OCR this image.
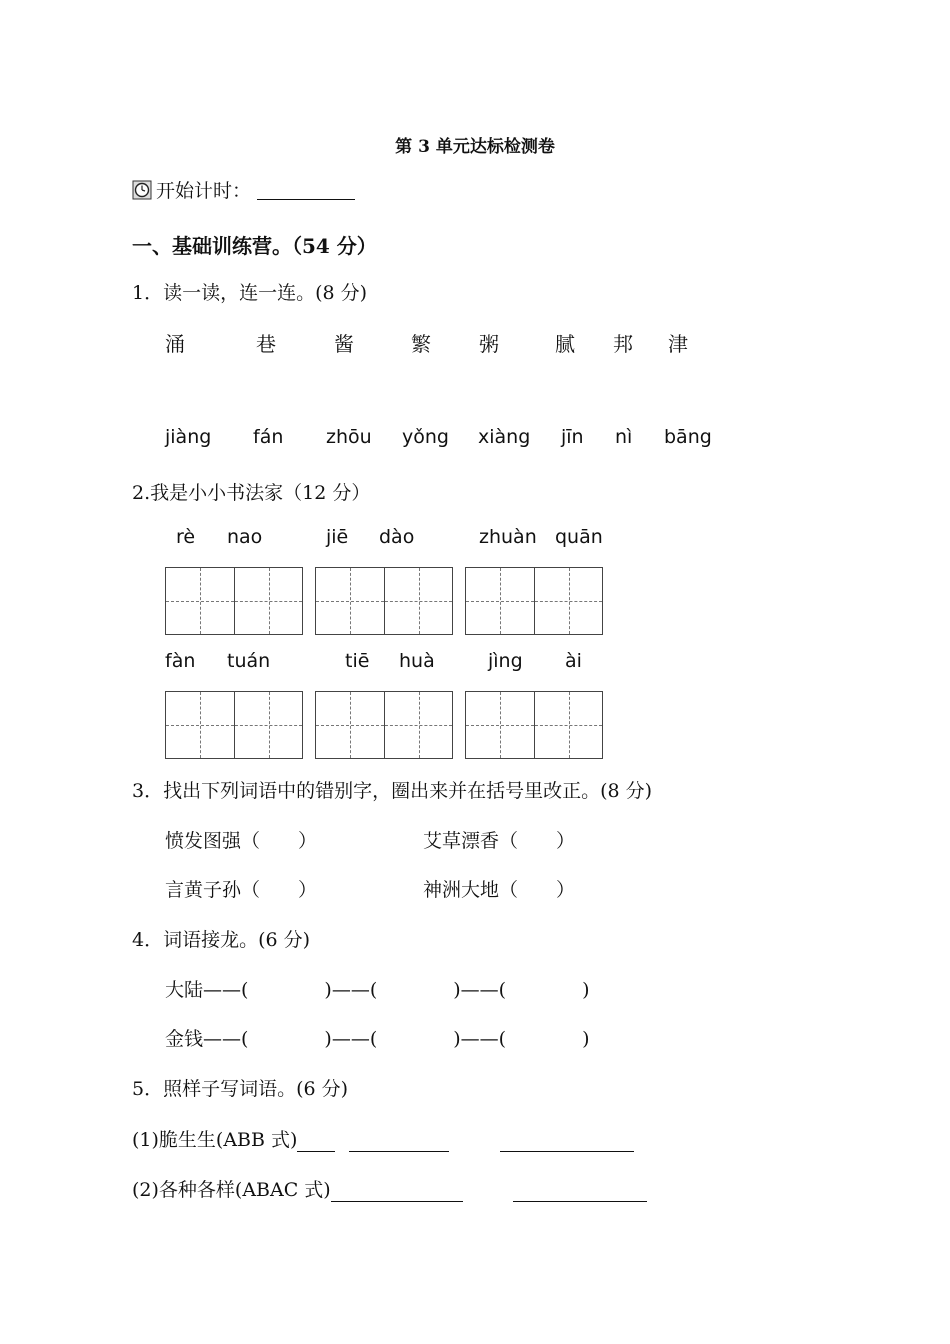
第 3 单元达标检测卷
开始计时：
一、基础训练营。（54 分）
1．读一读，连一连。(8 分)
涌	巷	酱	繁 粥	腻 邦 津
jiàng fán zhōu yǒng xiàng jīn nì bāng
2.我是小小书法家（12 分）
rè nao	jiē dào	zhuàn quān
fàn tuán	tiē huà	jìng ài
3．找出下列词语中的错别字，圈出来并在括号里改正。(8 分)
愤发图强（　　）	艾草漂香（　　）
言黄子孙（　　）	神洲大地（　　）
4．词语接龙。(6 分)
大陆——(　　　　)——(　　　　)——(　　　　)
金钱——(　　　　)——(　　　　)——(　　　　)
5．照样子写词语。(6 分)
(1)脆生生(ABB 式)
(2)各种各样(ABAC 式)
